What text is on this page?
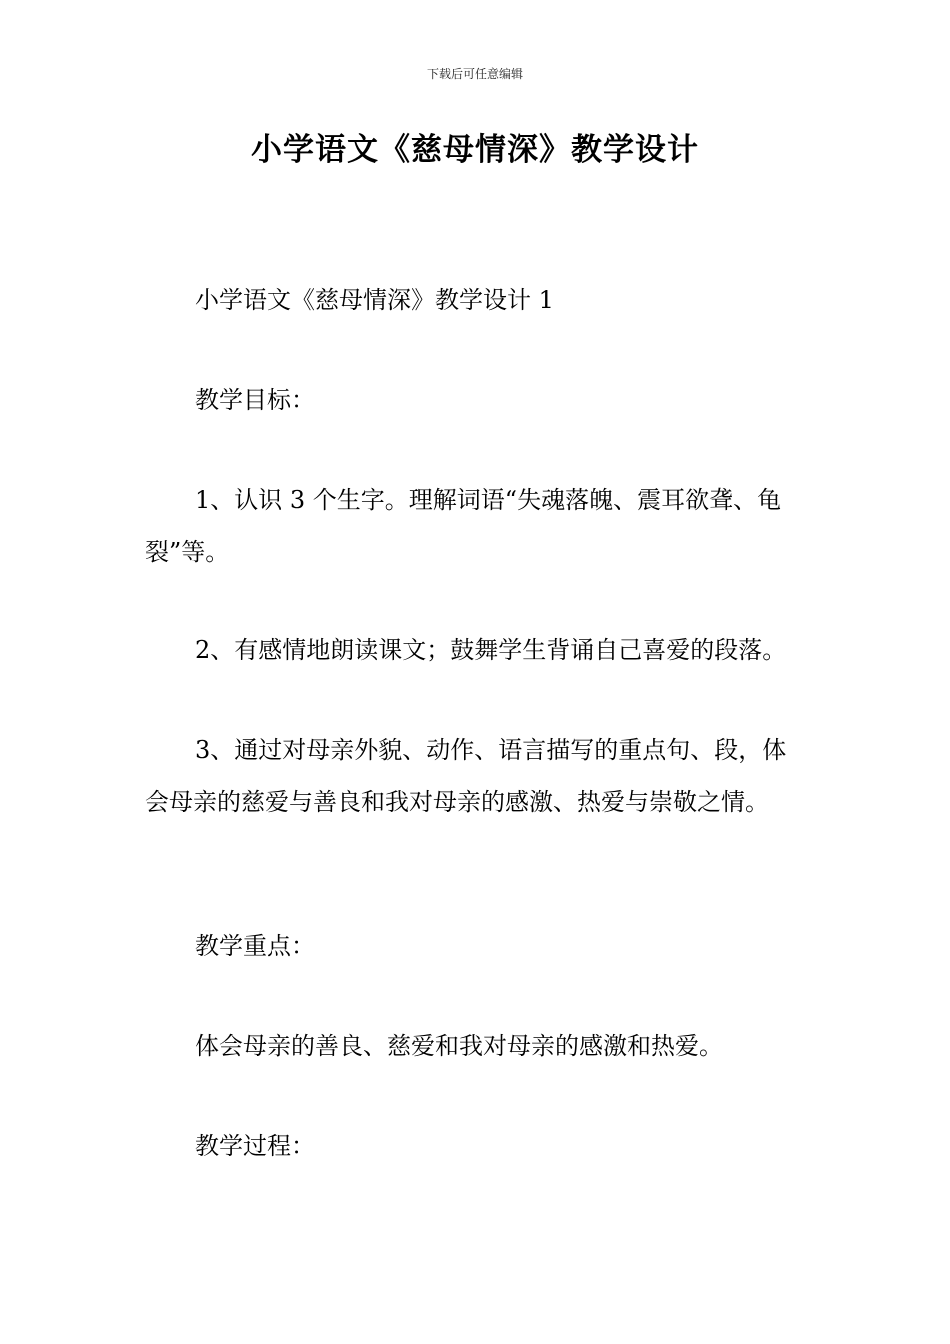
下载后可任意编辑
小学语文《慈母情深》教学设计

小学语文《慈母情深》教学设计 1

教学目标：

1、认识 3 个生字。理解词语“失魂落魄、震耳欲聋、龟裂”等。

2、有感情地朗读课文；鼓舞学生背诵自己喜爱的段落。

3、通过对母亲外貌、动作、语言描写的重点句、段，体会母亲的慈爱与善良和我对母亲的感激、热爱与崇敬之情。

教学重点：

体会母亲的善良、慈爱和我对母亲的感激和热爱。

教学过程：
